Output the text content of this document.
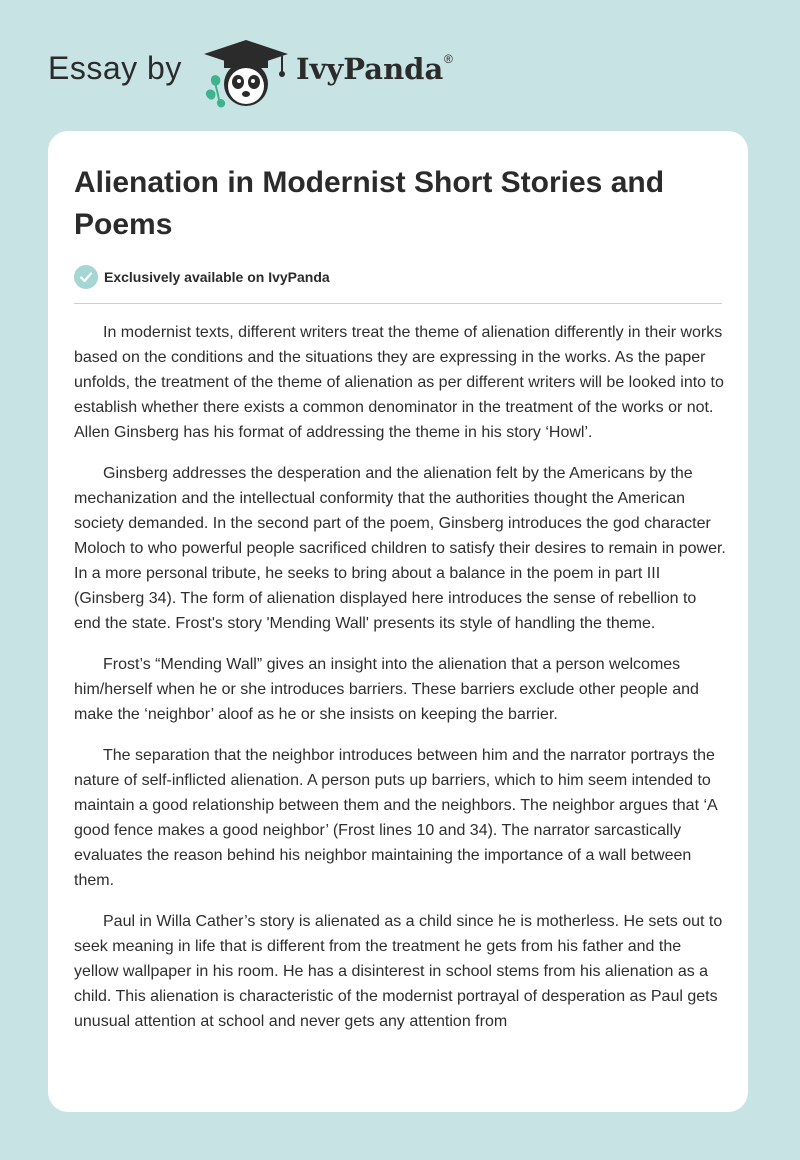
Essay by	IvyPanda ®
Alienation in Modernist Short Stories and Poems
Exclusively available on IvyPanda

In modernist texts, different writers treat the theme of alienation differently in their works based on the conditions and the situations they are expressing in the works. As the paper unfolds, the treatment of the theme of alienation as per different writers will be looked into to establish whether there exists a common denominator in the treatment of the works or not. Allen Ginsberg has his format of addressing the theme in his story ‘Howl’.

Ginsberg addresses the desperation and the alienation felt by the Americans by the mechanization and the intellectual conformity that the authorities thought the American society demanded. In the second part of the poem, Ginsberg introduces the god character Moloch to who powerful people sacrificed children to satisfy their desires to remain in power. In a more personal tribute, he seeks to bring about a balance in the poem in part III (Ginsberg 34). The form of alienation displayed here introduces the sense of rebellion to end the state. Frost's story 'Mending Wall' presents its style of handling the theme.

Frost’s “Mending Wall” gives an insight into the alienation that a person welcomes him/herself when he or she introduces barriers. These barriers exclude other people and make the ‘neighbor’ aloof as he or she insists on keeping the barrier.

The separation that the neighbor introduces between him and the narrator portrays the nature of self-inflicted alienation. A person puts up barriers, which to him seem intended to maintain a good relationship between them and the neighbors. The neighbor argues that ‘A good fence makes a good neighbor’ (Frost lines 10 and 34). The narrator sarcastically evaluates the reason behind his neighbor maintaining the importance of a wall between them.

Paul in Willa Cather’s story is alienated as a child since he is motherless. He sets out to seek meaning in life that is different from the treatment he gets from his father and the yellow wallpaper in his room. He has a disinterest in school stems from his alienation as a child. This alienation is characteristic of the modernist portrayal of desperation as Paul gets unusual attention at school and never gets any attention from
